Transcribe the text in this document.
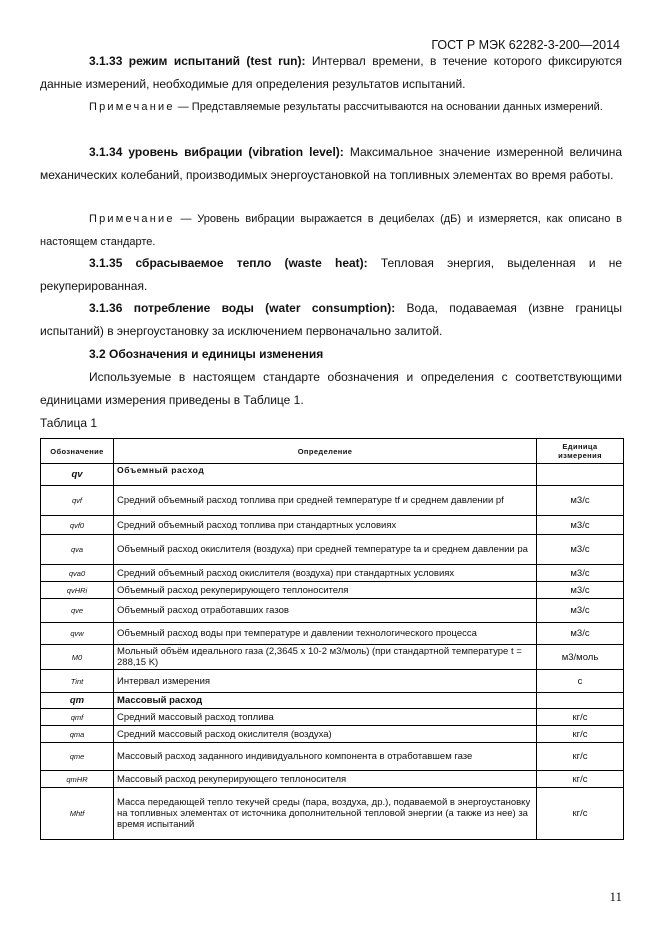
ГОСТ Р МЭК 62282-3-200—2014
3.1.33 режим испытаний (test run): Интервал времени, в течение которого фиксируются данные измерений, необходимые для определения результатов испытаний.
Примечание — Представляемые результаты рассчитываются на основании данных измерений.
3.1.34 уровень вибрации (vibration level): Максимальное значение измеренной величина механических колебаний, производимых энергоустановкой на топливных элементах во время работы.
Примечание — Уровень вибрации выражается в децибелах (дБ) и измеряется, как описано в настоящем стандарте.
3.1.35 сбрасываемое тепло (waste heat): Тепловая энергия, выделенная и не рекуперированная.
3.1.36 потребление воды (water consumption): Вода, подаваемая (извне границы испытаний) в энергоустановку за исключением первоначально залитой.
3.2 Обозначения и единицы изменения
Используемые в настоящем стандарте обозначения и определения с соответствующими единицами измерения приведены в Таблице 1.
Таблица 1
Обозначение	Определение	Единица измерения
qv	Объемный расход	
qvf	Средний объемный расход топлива при средней температуре tf и среднем давлении pf	м3/с
qvf0	Средний объемный расход топлива при стандартных условиях	м3/с
qva	Объемный расход окислителя (воздуха) при средней температуре ta и среднем давлении pa	м3/с
qva0	Средний объемный расход окислителя (воздуха) при стандартных условиях	м3/с
qvHRi	Объемный расход рекуперирующего теплоносителя	м3/с
qve	Объемный расход отработавших газов	м3/с
qvw	Объемный расход воды при температуре и давлении технологического процесса	м3/с
M0	Мольный объём идеального газа (2,3645 х 10-2 м3/моль) (при стандартной температуре t = 288,15 K)	м3/моль
Tint	Интервал измерения	с
qm	Массовый расход	
qmf	Средний массовый расход топлива	кг/с
qma	Средний массовый расход окислителя (воздуха)	кг/с
qme	Массовый расход заданного индивидуального компонента в отработавшем газе	кг/с
qmHR	Массовый расход рекуперирующего теплоносителя	кг/с
Mhtf	Масса передающей тепло текучей среды (пара, воздуха, др.), подаваемой в энергоустановку на топливных элементах от источника дополнительной тепловой энергии (а также из нее) за время испытаний	кг/с
11
